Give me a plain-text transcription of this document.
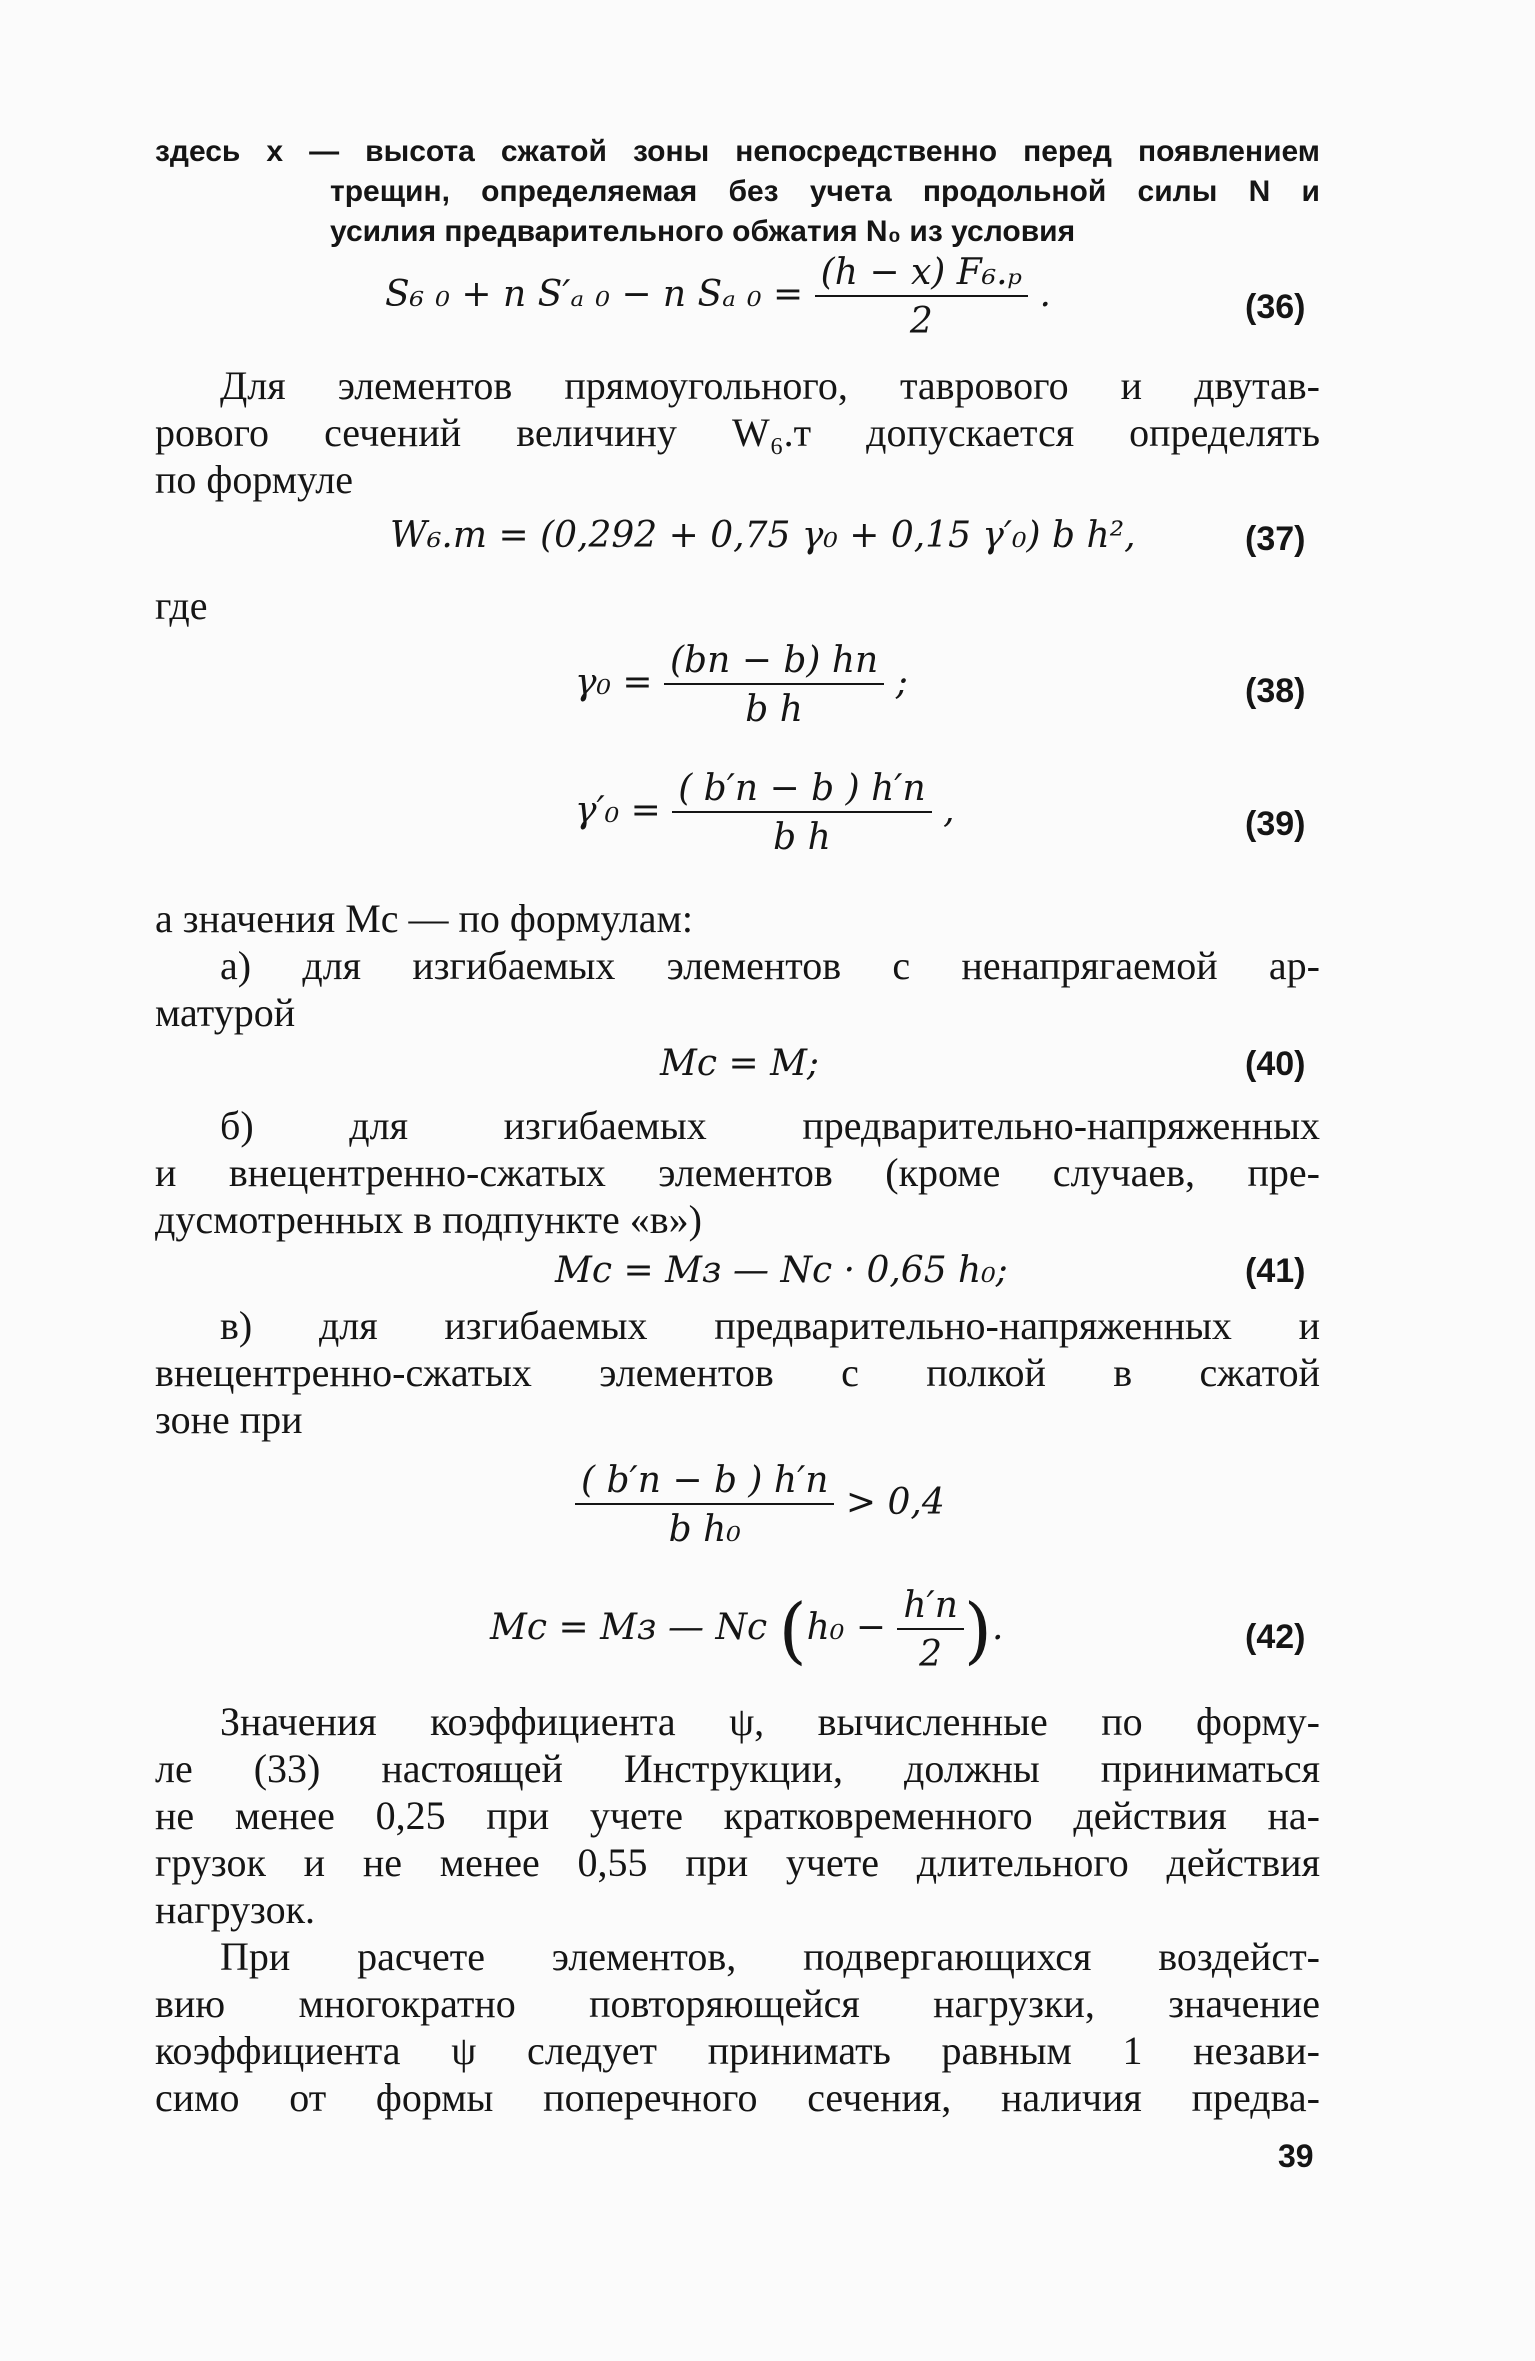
здесь x — высота сжатой зоны непосредственно перед появлением
трещин, определяемая без учета продольной силы N и
усилия предварительного обжатия N₀ из условия
S₆ ₀ + n S′ₐ ₀ − n Sₐ $_0 = \frac{\text{(h − x) F₆.ₚ}}{2}$ .	(36)
Для элементов прямоугольного, таврового и двутав-
рового сечений величину W₆.т допускается определять
по формуле
W₆.т = (0,292 + 0,75 γ₀ + 0,15 γ′₀) b h²,	(37)
где
$\gamma_0 = \frac{(bп - b) hп}{\text{b h}}$ ;	(38)
$\gamma'_0 = \frac{( b'п - b ) h'п}{\text{b h}}$ ,	(39)
а значения Mс — по формулам:
а) для изгибаемых элементов с ненапрягаемой ар-
матурой
Mс = M;	(40)
б) для изгибаемых предварительно-напряженных
и внецентренно-сжатых элементов (кроме случаев, пре-
дусмотренных в подпункте «в»)
Mс = Mз — Nс · 0,65 h₀;	(41)
в) для изгибаемых предварительно-напряженных и
внецентренно-сжатых элементов с полкой в сжатой
зоне при
$\frac{( b'п - b ) h'п}{\text{b h₀}} > 0,4$
Mс = Mз — Nс ($h_0 - \frac{h'п}{2}$ ).	(42)
Значения коэффициента ψ, вычисленные по форму-
ле (33) настоящей Инструкции, должны приниматься
не менее 0,25 при учете кратковременного действия на-
грузок и не менее 0,55 при учете длительного действия
нагрузок.
При расчете элементов, подвергающихся воздейст-
вию многократно повторяющейся нагрузки, значение
коэффициента ψ следует принимать равным 1 незави-
симо от формы поперечного сечения, наличия предва-
39
